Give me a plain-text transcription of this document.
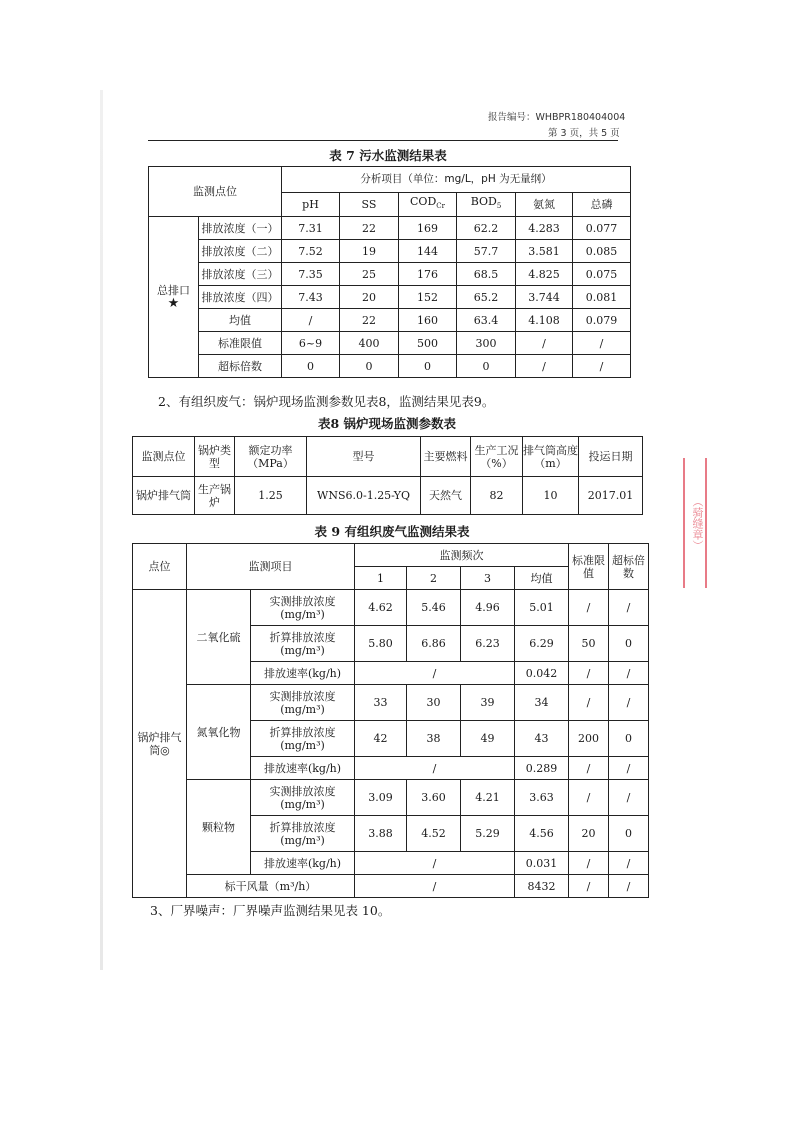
报告编号：WHBPR180404004
第 3 页，共 5 页
表 7 污水监测结果表
监测点位		分析项目（单位：mg/L，pH 为无量纲）					
		pH	SS	$COD_{Cr}$	$BOD_5$	氨氮	总磷
总排口
★	排放浓度（一）	7.31	22	169	62.2	4.283	0.077
	排放浓度（二）	7.52	19	144	57.7	3.581	0.085
	排放浓度（三）	7.35	25	176	68.5	4.825	0.075
	排放浓度（四）	7.43	20	152	65.2	3.744	0.081
	均值	/	22	160	63.4	4.108	0.079
	标准限值	6~9	400	500	300	/	/
	超标倍数	0	0	0	0	/	/
2、有组织废气：锅炉现场监测参数见表8，监测结果见表9。
表8 锅炉现场监测参数表
监测点位	锅炉类型	额定功率（MPa）	型号	主要燃料	生产工况（%）	排气筒高度（m）	投运日期
锅炉排气筒	生产锅炉	1.25	WNS6.0-1.25-YQ	天然气	82	10	2017.01
表 9 有组织废气监测结果表
点位	监测项目		监测频次				标准限值	超标倍数
			1	2	3	均值		
锅炉排气筒◎	二氧化硫	实测排放浓度
(mg/m³)	4.62	5.46	4.96	5.01	/	/
		折算排放浓度
(mg/m³)	5.80	6.86	6.23	6.29	50	0
		排放速率(kg/h)	/			0.042	/	/
	氮氧化物	实测排放浓度
(mg/m³)	33	30	39	34	/	/
		折算排放浓度
(mg/m³)	42	38	49	43	200	0
		排放速率(kg/h)	/			0.289	/	/
	颗粒物	实测排放浓度
(mg/m³)	3.09	3.60	4.21	3.63	/	/
		折算排放浓度
(mg/m³)	3.88	4.52	5.29	4.56	20	0
		排放速率(kg/h)	/			0.031	/	/
	标干风量（m³/h）		/			8432	/	/
3、厂界噪声：厂界噪声监测结果见表 10。
（骑缝章）
